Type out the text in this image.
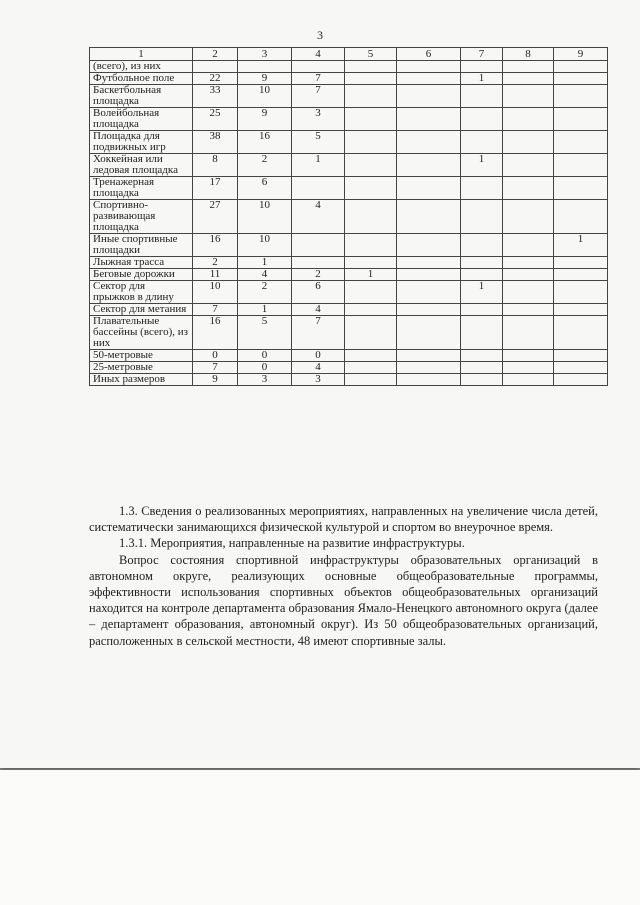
3
1	2	3	4	5	6	7	8	9
(всего), из них								
Футбольное поле	22	9	7			1		
Баскетбольная площадка	33	10	7					
Волейбольная площадка	25	9	3					
Площадка для подвижных игр	38	16	5					
Хоккейная или ледовая площадка	8	2	1			1		
Тренажерная площадка	17	6						
Спортивно-развивающая площадка	27	10	4					
Иные спортивные площадки	16	10						1
Лыжная трасса	2	1						
Беговые дорожки	11	4	2	1				
Сектор для прыжков в длину	10	2	6			1		
Сектор для метания	7	1	4					
Плавательные бассейны (всего), из них	16	5	7					
50-метровые	0	0	0					
25-метровые	7	0	4					
Иных размеров	9	3	3					

1.3. Сведения о реализованных мероприятиях, направленных на увеличение числа детей, систематически занимающихся физической культурой и спортом во внеурочное время.

1.3.1. Мероприятия, направленные на развитие инфраструктуры.

Вопрос состояния спортивной инфраструктуры образовательных организаций в автономном округе, реализующих основные общеобразовательные программы, эффективности использования спортивных объектов общеобразовательных организаций находится на контроле департамента образования Ямало-Ненецкого автономного округа (далее – департамент образования, автономный округ). Из 50 общеобразовательных организаций, расположенных в сельской местности, 48 имеют спортивные залы.
